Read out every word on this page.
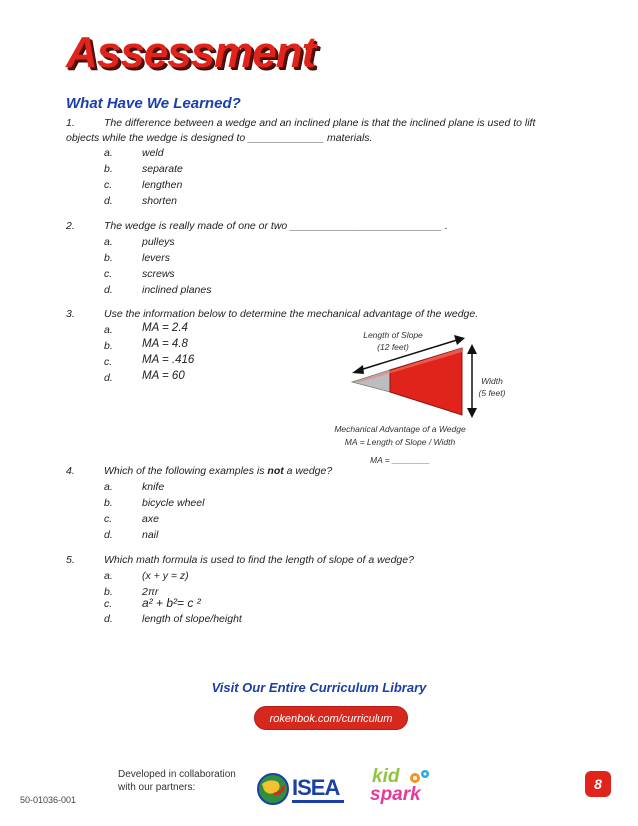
Assessment
What Have We Learned?
1.	The difference between a wedge and an inclined plane is that the inclined plane is used to lift
objects while the wedge is designed to _____________ materials.
a.	weld
b.	separate
c.	lengthen
d.	shorten
2.	The wedge is really made of one or two __________________________ .
a.	pulleys
b.	levers
c.	screws
d.	inclined planes
3.	Use the information below to determine the mechanical advantage of the wedge.
a.	MA = 2.4
b.	MA = 4.8
c.	MA = .416
d.	MA = 60
Length of Slope
(12 feet)
Width
(5 feet)
Mechanical Advantage of a Wedge
MA = Length of Slope / Width
MA = ________
4.	Which of the following examples is not a wedge?
a.	knife
b.	bicycle wheel
c.	axe
d.	nail
5.	Which math formula is used to find the length of slope of a wedge?
a.	(x + y = z)
b.	2πr
c. a² + b²= c ²
d.	length of slope/height
Visit Our Entire Curriculum Library
rokenbok.com/curriculum
Developed in collaboration
with our partners:
50-01036-001	ISEA kid
spark	8
